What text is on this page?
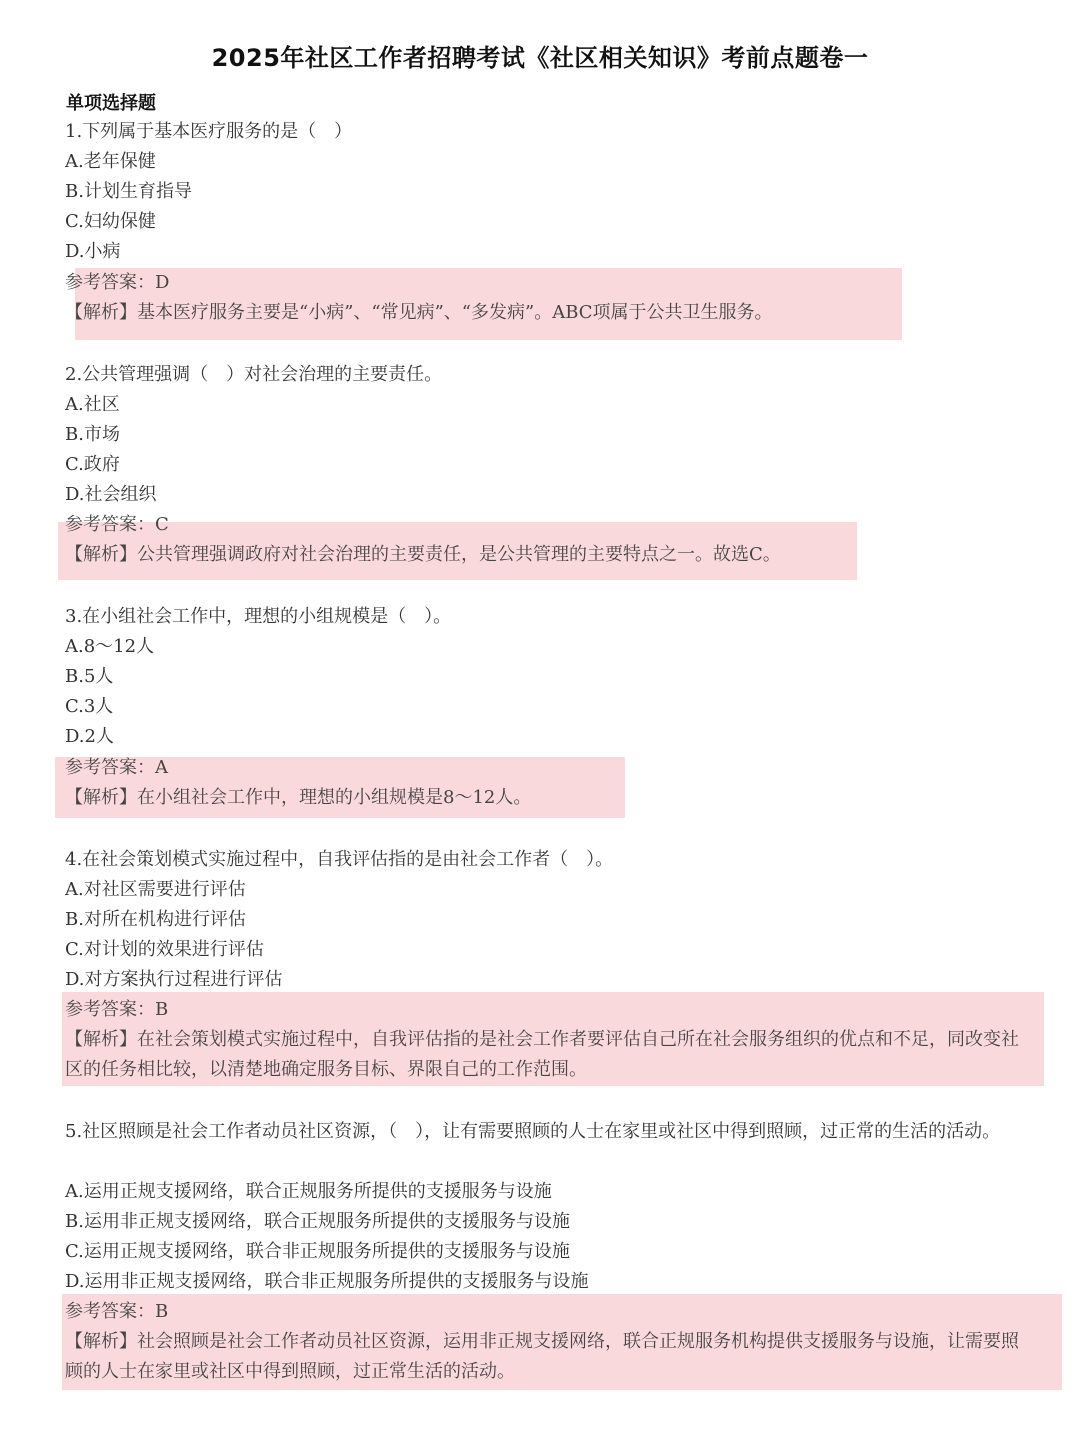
2025年社区工作者招聘考试《社区相关知识》考前点题卷一
单项选择题
1.下列属于基本医疗服务的是（　）
A.老年保健
B.计划生育指导
C.妇幼保健
D.小病
参考答案：D
【解析】基本医疗服务主要是“小病”、“常见病”、“多发病”。ABC项属于公共卫生服务。
2.公共管理强调（　）对社会治理的主要责任。
A.社区
B.市场
C.政府
D.社会组织
参考答案：C
【解析】公共管理强调政府对社会治理的主要责任，是公共管理的主要特点之一。故选C。
3.在小组社会工作中，理想的小组规模是（　）。
A.8～12人
B.5人
C.3人
D.2人
参考答案：A
【解析】在小组社会工作中，理想的小组规模是8～12人。
4.在社会策划模式实施过程中，自我评估指的是由社会工作者（　）。
A.对社区需要进行评估
B.对所在机构进行评估
C.对计划的效果进行评估
D.对方案执行过程进行评估
参考答案：B
【解析】在社会策划模式实施过程中，自我评估指的是社会工作者要评估自己所在社会服务组织的优点和不足，同改变社区的任务相比较，以清楚地确定服务目标、界限自己的工作范围。
5.社区照顾是社会工作者动员社区资源，（　），让有需要照顾的人士在家里或社区中得到照顾，过正常的生活的活动。
A.运用正规支援网络，联合正规服务所提供的支援服务与设施
B.运用非正规支援网络，联合正规服务所提供的支援服务与设施
C.运用正规支援网络，联合非正规服务所提供的支援服务与设施
D.运用非正规支援网络，联合非正规服务所提供的支援服务与设施
参考答案：B
【解析】社会照顾是社会工作者动员社区资源，运用非正规支援网络，联合正规服务机构提供支援服务与设施，让需要照顾的人士在家里或社区中得到照顾，过正常生活的活动。
